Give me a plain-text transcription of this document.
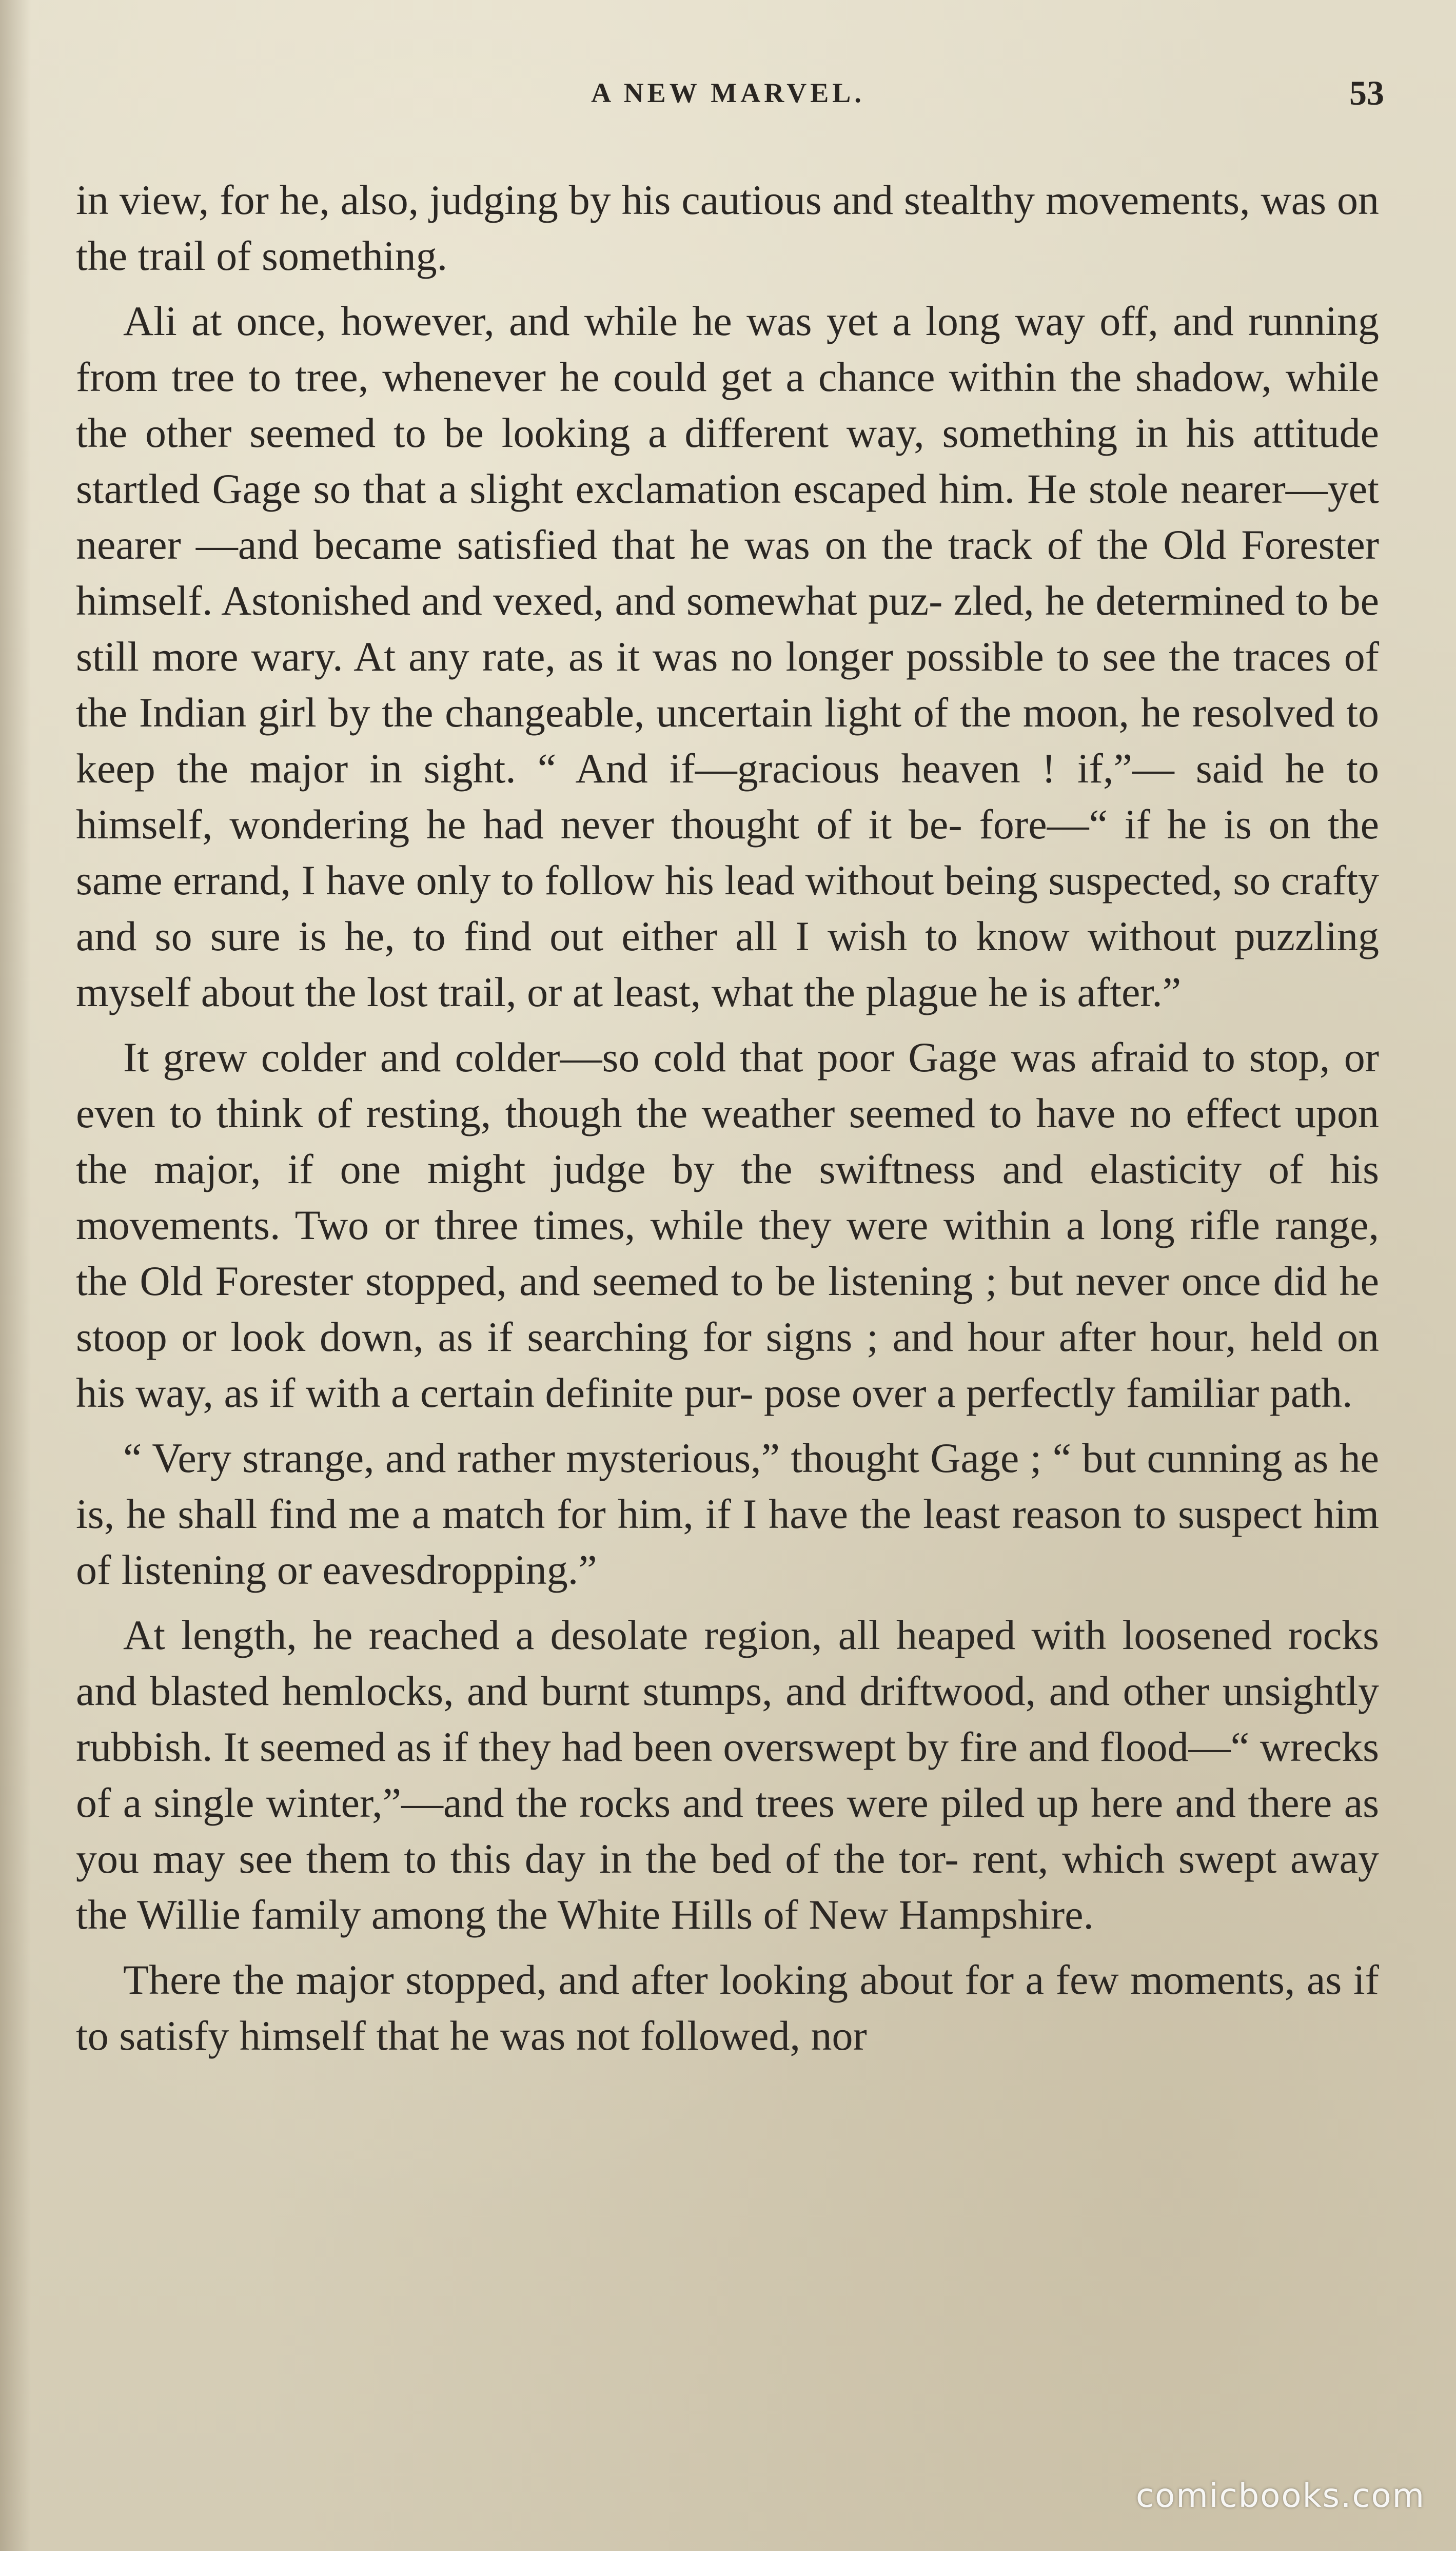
A NEW MARVEL.	53

in view, for he, also, judging by his cautious and stealthy movements, was on the trail of something.

Ali at once, however, and while he was yet a long way off, and running from tree to tree, whenever he could get a chance within the shadow, while the other seemed to be looking a different way, something in his attitude startled Gage so that a slight exclamation escaped him. He stole nearer—yet nearer —and became satisfied that he was on the track of the Old Forester himself. Astonished and vexed, and somewhat puz- zled, he determined to be still more wary. At any rate, as it was no longer possible to see the traces of the Indian girl by the changeable, uncertain light of the moon, he resolved to keep the major in sight. “ And if—gracious heaven ! if,”— said he to himself, wondering he had never thought of it be- fore—“ if he is on the same errand, I have only to follow his lead without being suspected, so crafty and so sure is he, to find out either all I wish to know without puzzling myself about the lost trail, or at least, what the plague he is after.”

It grew colder and colder—so cold that poor Gage was afraid to stop, or even to think of resting, though the weather seemed to have no effect upon the major, if one might judge by the swiftness and elasticity of his movements. Two or three times, while they were within a long rifle range, the Old Forester stopped, and seemed to be listening ; but never once did he stoop or look down, as if searching for signs ; and hour after hour, held on his way, as if with a certain definite pur- pose over a perfectly familiar path.

“ Very strange, and rather mysterious,” thought Gage ; “ but cunning as he is, he shall find me a match for him, if I have the least reason to suspect him of listening or eavesdropping.”

At length, he reached a desolate region, all heaped with loosened rocks and blasted hemlocks, and burnt stumps, and driftwood, and other unsightly rubbish. It seemed as if they had been overswept by fire and flood—“ wrecks of a single winter,”—and the rocks and trees were piled up here and there as you may see them to this day in the bed of the tor- rent, which swept away the Willie family among the White Hills of New Hampshire.

There the major stopped, and after looking about for a few moments, as if to satisfy himself that he was not followed, nor

comicbooks.com
